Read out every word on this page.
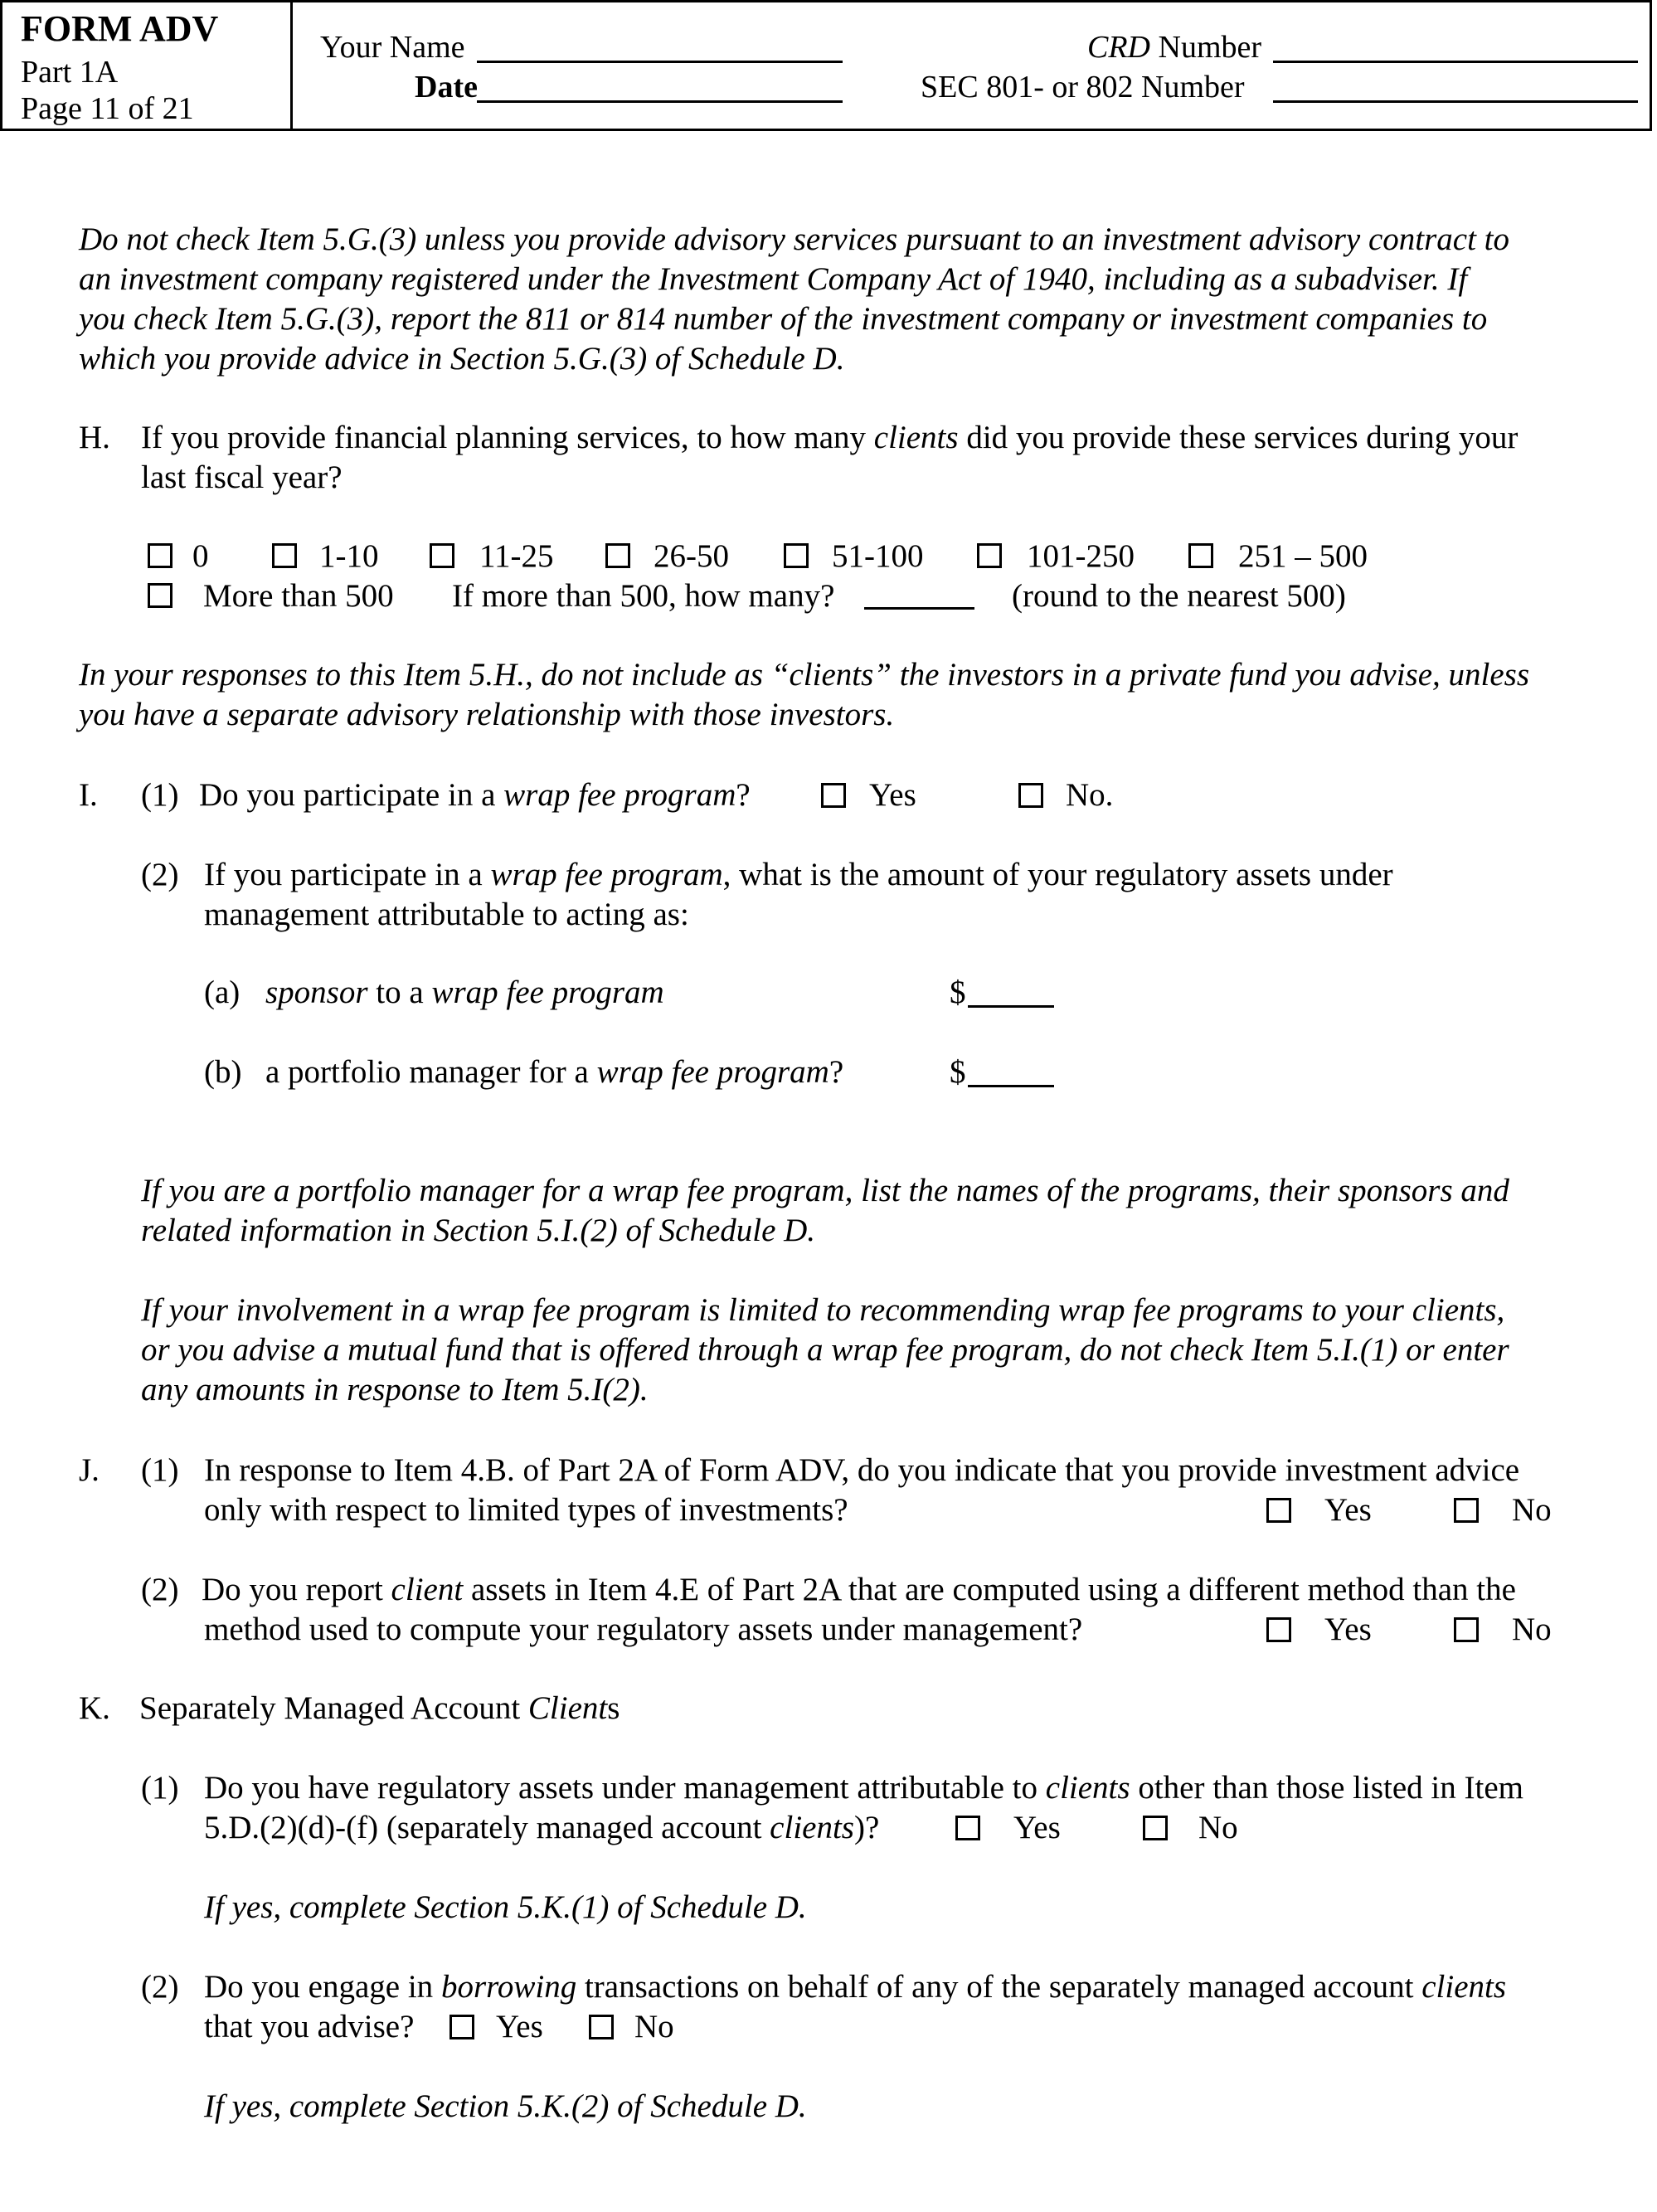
FORM ADV
Part 1A
Page 11 of 21
Your Name
Date
CRD Number
SEC 801- or 802 Number
Do not check Item 5.G.(3) unless you provide advisory services pursuant to an investment advisory contract to
an investment company registered under the Investment Company Act of 1940, including as a subadviser. If
you check Item 5.G.(3), report the 811 or 814 number of the investment company or investment companies to
which you provide advice in Section 5.G.(3) of Schedule D.
H. If you provide financial planning services, to how many clients did you provide these services during your
last fiscal year?
0	1-10	11-25	26-50	51-100	101-250	251 – 500
More than 500 If more than 500, how many?	(round to the nearest 500)
In your responses to this Item 5.H., do not include as “clients” the investors in a private fund you advise, unless
you have a separate advisory relationship with those investors.
I. (1) Do you participate in a wrap fee program?	Yes	No.
(2) If you participate in a wrap fee program, what is the amount of your regulatory assets under
management attributable to acting as:
(a) sponsor to a wrap fee program	$
(b) a portfolio manager for a wrap fee program?	$
If you are a portfolio manager for a wrap fee program, list the names of the programs, their sponsors and
related information in Section 5.I.(2) of Schedule D.
If your involvement in a wrap fee program is limited to recommending wrap fee programs to your clients,
or you advise a mutual fund that is offered through a wrap fee program, do not check Item 5.I.(1) or enter
any amounts in response to Item 5.I(2).
J. (1) In response to Item 4.B. of Part 2A of Form ADV, do you indicate that you provide investment advice
only with respect to limited types of investments?	Yes	No
(2) Do you report client assets in Item 4.E of Part 2A that are computed using a different method than the
method used to compute your regulatory assets under management?	Yes	No
K. Separately Managed Account Clients
(1) Do you have regulatory assets under management attributable to clients other than those listed in Item
5.D.(2)(d)-(f) (separately managed account clients)?	Yes	No
If yes, complete Section 5.K.(1) of Schedule D.
(2) Do you engage in borrowing transactions on behalf of any of the separately managed account clients
that you advise?	Yes	No
If yes, complete Section 5.K.(2) of Schedule D.
